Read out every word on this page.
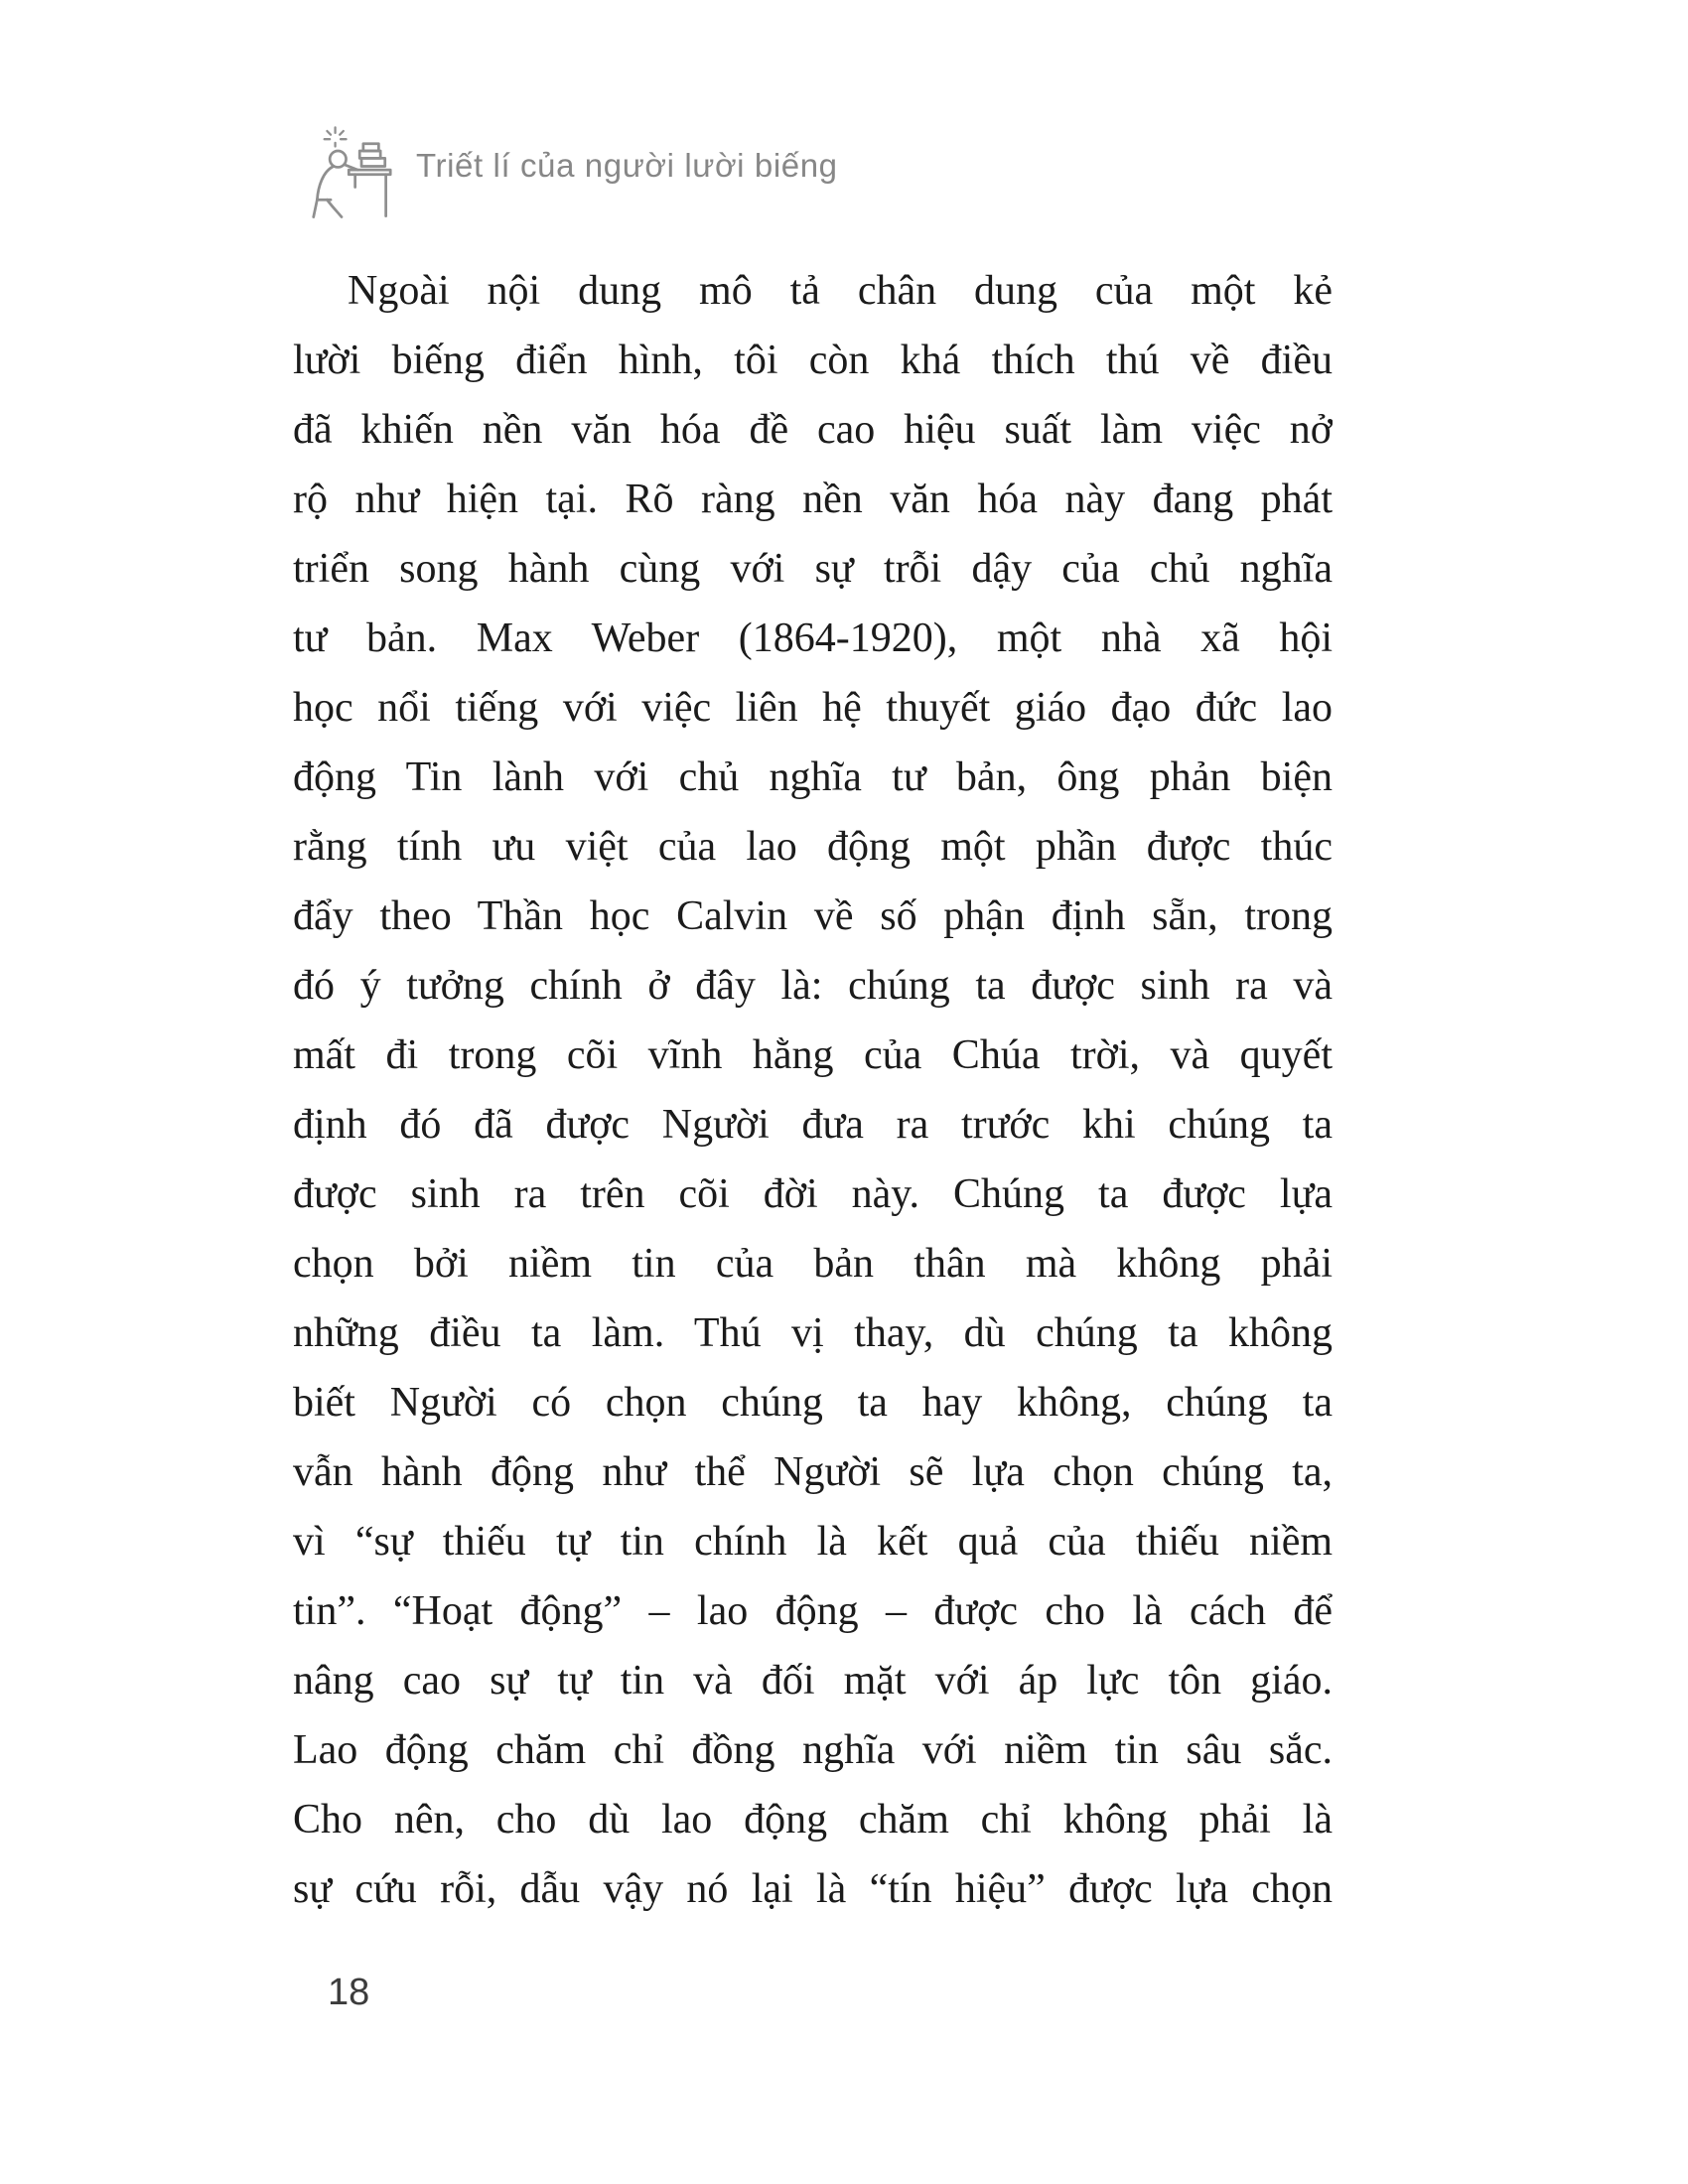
Triết lí của người lười biếng
Ngoài nội dung mô tả chân dung của một kẻ
lười biếng điển hình, tôi còn khá thích thú về điều
đã khiến nền văn hóa đề cao hiệu suất làm việc nở
rộ như hiện tại. Rõ ràng nền văn hóa này đang phát
triển song hành cùng với sự trỗi dậy của chủ nghĩa
tư bản. Max Weber (1864-1920), một nhà xã hội
học nổi tiếng với việc liên hệ thuyết giáo đạo đức lao
động Tin lành với chủ nghĩa tư bản, ông phản biện
rằng tính ưu việt của lao động một phần được thúc
đẩy theo Thần học Calvin về số phận định sẵn, trong
đó ý tưởng chính ở đây là: chúng ta được sinh ra và
mất đi trong cõi vĩnh hằng của Chúa trời, và quyết
định đó đã được Người đưa ra trước khi chúng ta
được sinh ra trên cõi đời này. Chúng ta được lựa
chọn bởi niềm tin của bản thân mà không phải
những điều ta làm. Thú vị thay, dù chúng ta không
biết Người có chọn chúng ta hay không, chúng ta
vẫn hành động như thể Người sẽ lựa chọn chúng ta,
vì “sự thiếu tự tin chính là kết quả của thiếu niềm
tin”. “Hoạt động” – lao động – được cho là cách để
nâng cao sự tự tin và đối mặt với áp lực tôn giáo.
Lao động chăm chỉ đồng nghĩa với niềm tin sâu sắc.
Cho nên, cho dù lao động chăm chỉ không phải là
sự cứu rỗi, dẫu vậy nó lại là “tín hiệu” được lựa chọn
18
